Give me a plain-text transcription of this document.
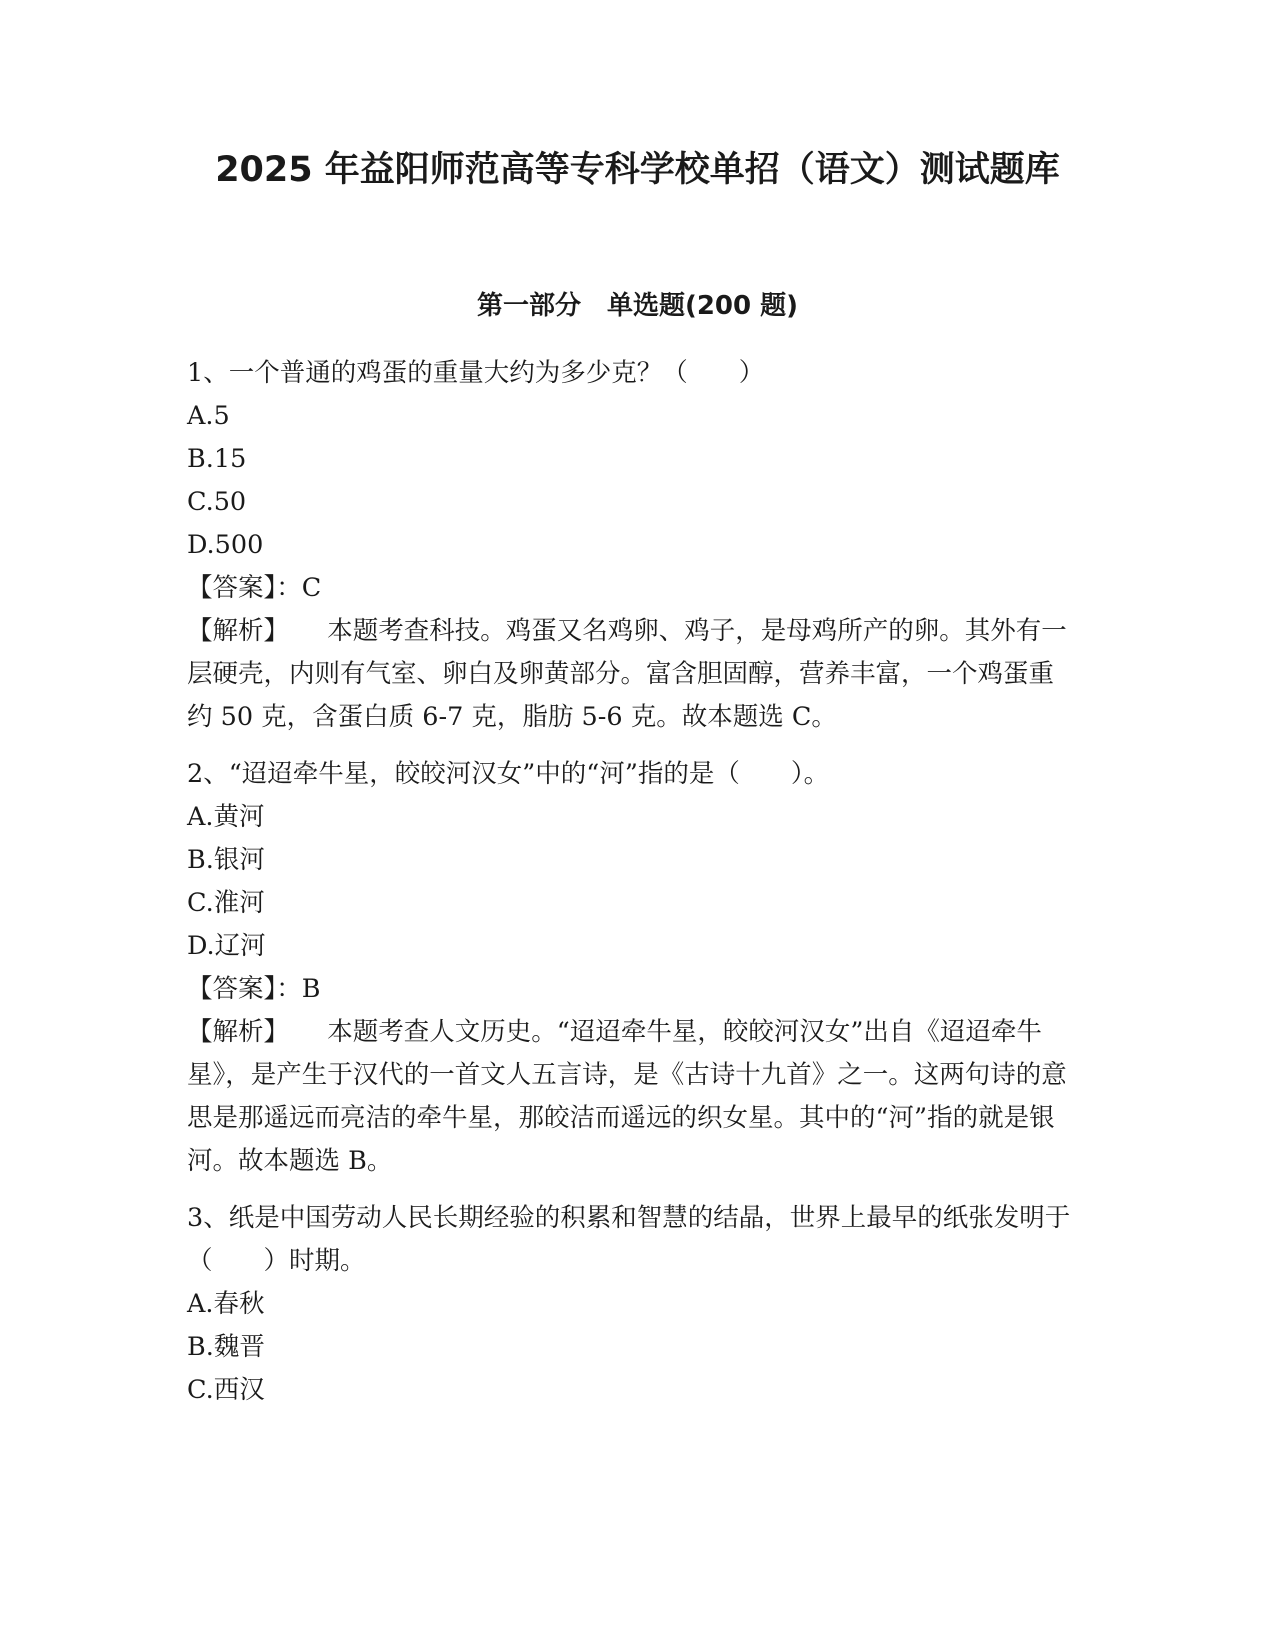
2025 年益阳师范高等专科学校单招（语文）测试题库
第一部分　单选题(200 题)

1、一个普通的鸡蛋的重量大约为多少克？（　　）

A.5

B.15

C.50

D.500

【答案】：C

【解析】　　本题考查科技。鸡蛋又名鸡卵、鸡子，是母鸡所产的卵。其外有一层硬壳，内则有气室、卵白及卵黄部分。富含胆固醇，营养丰富，一个鸡蛋重约 50 克，含蛋白质 6-7 克，脂肪 5-6 克。故本题选 C。

2、“迢迢牵牛星，皎皎河汉女”中的“河”指的是（　　）。

A.黄河

B.银河

C.淮河

D.辽河

【答案】：B

【解析】　　本题考查人文历史。“迢迢牵牛星，皎皎河汉女”出自《迢迢牵牛星》，是产生于汉代的一首文人五言诗，是《古诗十九首》之一。这两句诗的意思是那遥远而亮洁的牵牛星，那皎洁而遥远的织女星。其中的“河”指的就是银河。故本题选 B。

3、纸是中国劳动人民长期经验的积累和智慧的结晶，世界上最早的纸张发明于（　　）时期。

A.春秋

B.魏晋

C.西汉
